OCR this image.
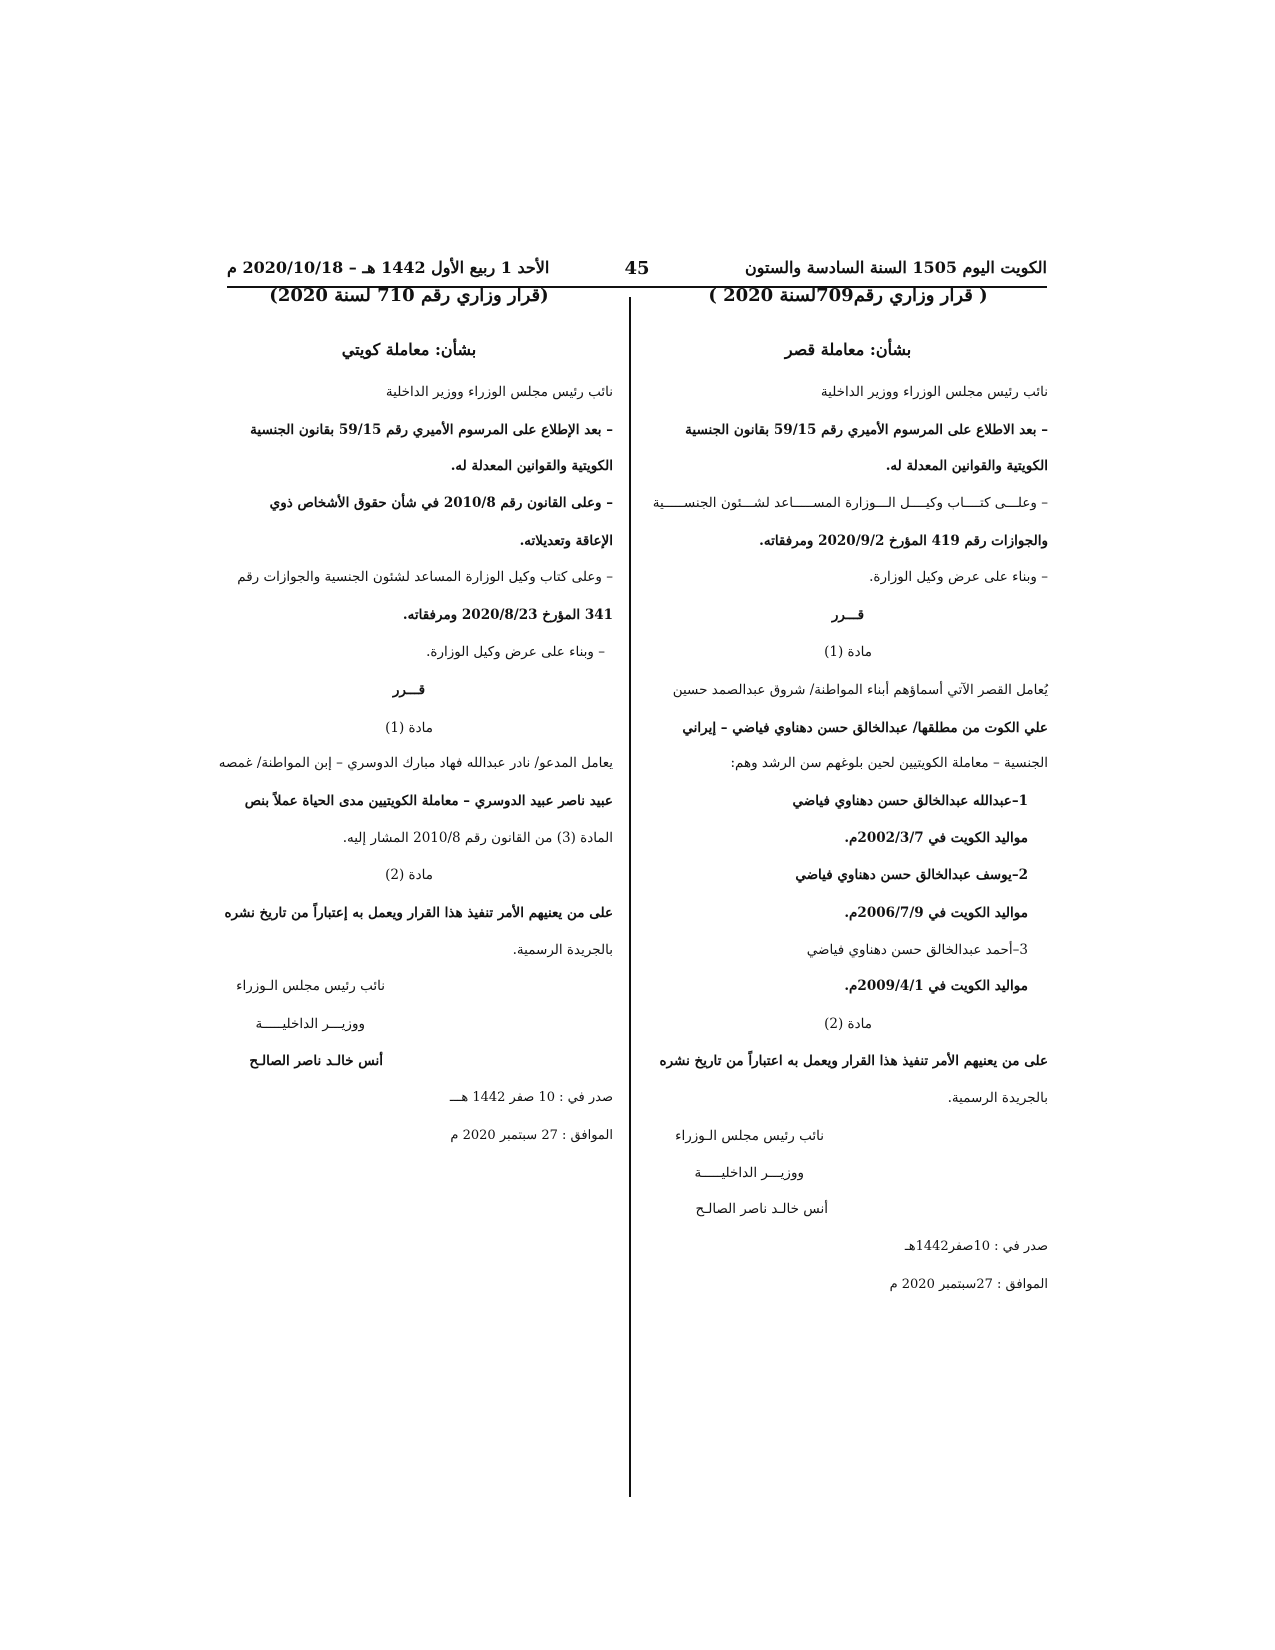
الكويت اليوم 1505 السنة السادسة والستون
45
الأحد 1 ربيع الأول 1442 هـ – 2020/10/18 م
( قرار وزاري رقم709لسنة 2020 )
بشأن: معاملة قصر
نائب رئيس مجلس الوزراء ووزير الداخلية
– بعد الاطلاع على المرسوم الأميري رقم 59/15 بقانون الجنسية
الكويتية والقوانين المعدلة له.
– وعلـــى كتــــاب وكيــــل الـــوزارة المســـــاعد لشـــئون الجنســـــية
والجوازات رقم 419 المؤرخ 2020/9/2 ومرفقاته.
– وبناء على عرض وكيل الوزارة.
قـــرر
مادة (1)
يُعامل القصر الآتي أسماؤهم أبناء المواطنة/ شروق عبدالصمد حسين
علي الكوت من مطلقها/ عبدالخالق حسن دهناوي فياضي – إيراني
الجنسية – معاملة الكويتيين لحين بلوغهم سن الرشد وهم:
1–عبدالله عبدالخالق حسن دهناوي فياضي
مواليد الكويت في 2002/3/7م.
2–يوسف عبدالخالق حسن دهناوي فياضي
مواليد الكويت في 2006/7/9م.
3–أحمد عبدالخالق حسن دهناوي فياضي
مواليد الكويت في 2009/4/1م.
مادة (2)
على من يعنيهم الأمر تنفيذ هذا القرار ويعمل به اعتباراً من تاريخ نشره
بالجريدة الرسمية.
نائب رئيس مجلس الـوزراء
ووزيـــر الداخليـــــة
أنس خالـد ناصر الصالـح
صدر في : 10صفر1442هـ
الموافق : 27سبتمبر 2020 م
(قرار وزاري رقم 710 لسنة 2020)
بشأن: معاملة كويتي
نائب رئيس مجلس الوزراء ووزير الداخلية
– بعد الإطلاع على المرسوم الأميري رقم 59/15 بقانون الجنسية
الكويتية والقوانين المعدلة له.
– وعلى القانون رقم 2010/8 في شأن حقوق الأشخاص ذوي
الإعاقة وتعديلاته.
– وعلى كتاب وكيل الوزارة المساعد لشئون الجنسية والجوازات رقم
341 المؤرخ 2020/8/23 ومرفقاته.
– وبناء على عرض وكيل الوزارة.
قـــرر
مادة (1)
يعامل المدعو/ نادر عبدالله فهاد مبارك الدوسري – إبن المواطنة/ غمصه
عبيد ناصر عبيد الدوسري – معاملة الكويتيين مدى الحياة عملاً بنص
المادة (3) من القانون رقم 2010/8 المشار إليه.
مادة (2)
على من يعنيهم الأمر تنفيذ هذا القرار ويعمل به إعتباراً من تاريخ نشره
بالجريدة الرسمية.
نائب رئيس مجلس الـوزراء
ووزيـــر الداخليـــــة
أنس خالـد ناصر الصالـح
صدر في : 10 صفر 1442 هـــ
الموافق : 27 سبتمبر 2020 م
